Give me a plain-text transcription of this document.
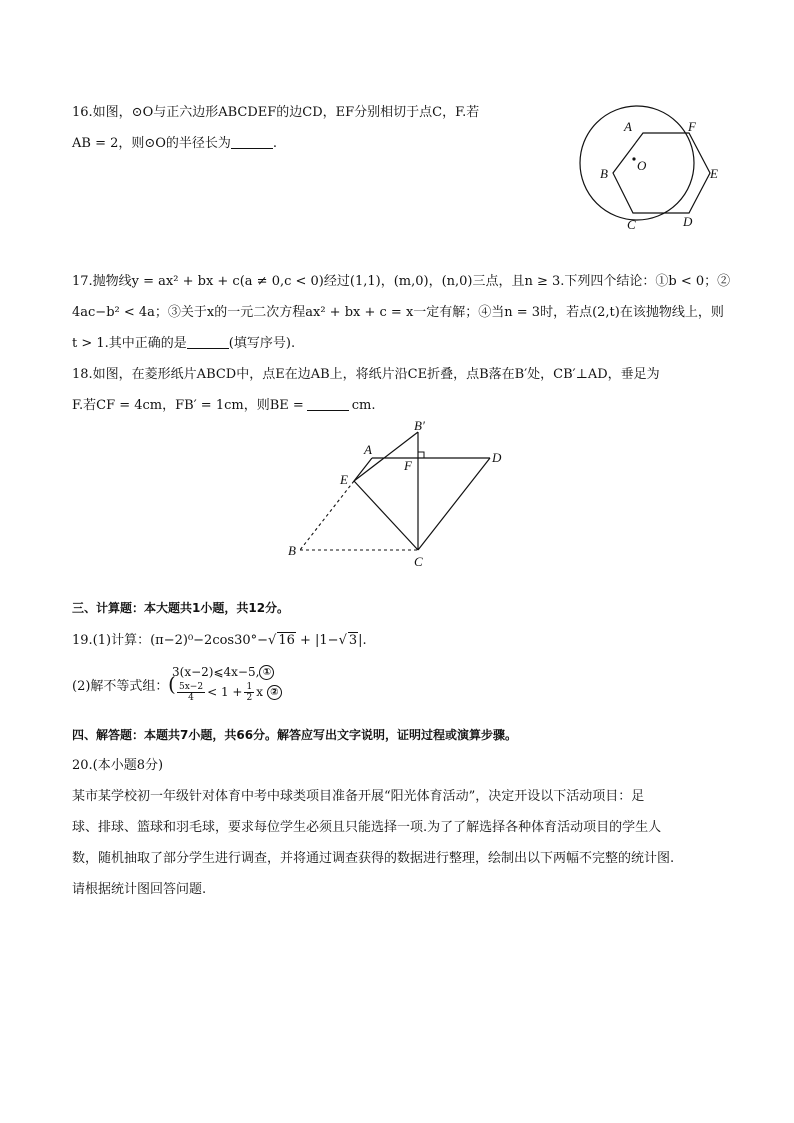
16.如图，⊙O与正六边形ABCDEF的边CD，EF分别相切于点C，F.若
AB = 2，则⊙O的半径长为	.
A
B
C	D
E
F
O
17.抛物线y = ax² + bx + c(a ≠ 0,c < 0)经过(1,1)，(m,0)，(n,0)三点，且n ≥ 3.下列四个结论：①b < 0；②
4ac−b² < 4a；③关于x的一元二次方程ax² + bx + c = x一定有解；④当n = 3时，若点(2,t)在该抛物线上，则
t > 1.其中正确的是	(填写序号).
18.如图，在菱形纸片ABCD中，点E在边AB上，将纸片沿CE折叠，点B落在B′处，CB′⊥AD，垂足为
F.若CF = 4cm，FB′ = 1cm，则BE =	cm.
A
B
B′
C
D
E
F
三、计算题：本大题共1小题，共12分。
19.(1)计算：(π−2)⁰−2cos30°−√ 16 + |1−√ 3|.
(2)解不等式组：
3(x−2)⩽4x−5, ①
( $\frac{5x-2}{4} < 1 + \frac{1}{2}$ x ②
四、解答题：本题共7小题，共66分。解答应写出文字说明，证明过程或演算步骤。
20.(本小题8分)
某市某学校初一年级针对体育中考中球类项目准备开展“阳光体育活动”，决定开设以下活动项目：足
球、排球、篮球和羽毛球，要求每位学生必须且只能选择一项.为了了解选择各种体育活动项目的学生人
数，随机抽取了部分学生进行调查，并将通过调查获得的数据进行整理，绘制出以下两幅不完整的统计图.
请根据统计图回答问题.
